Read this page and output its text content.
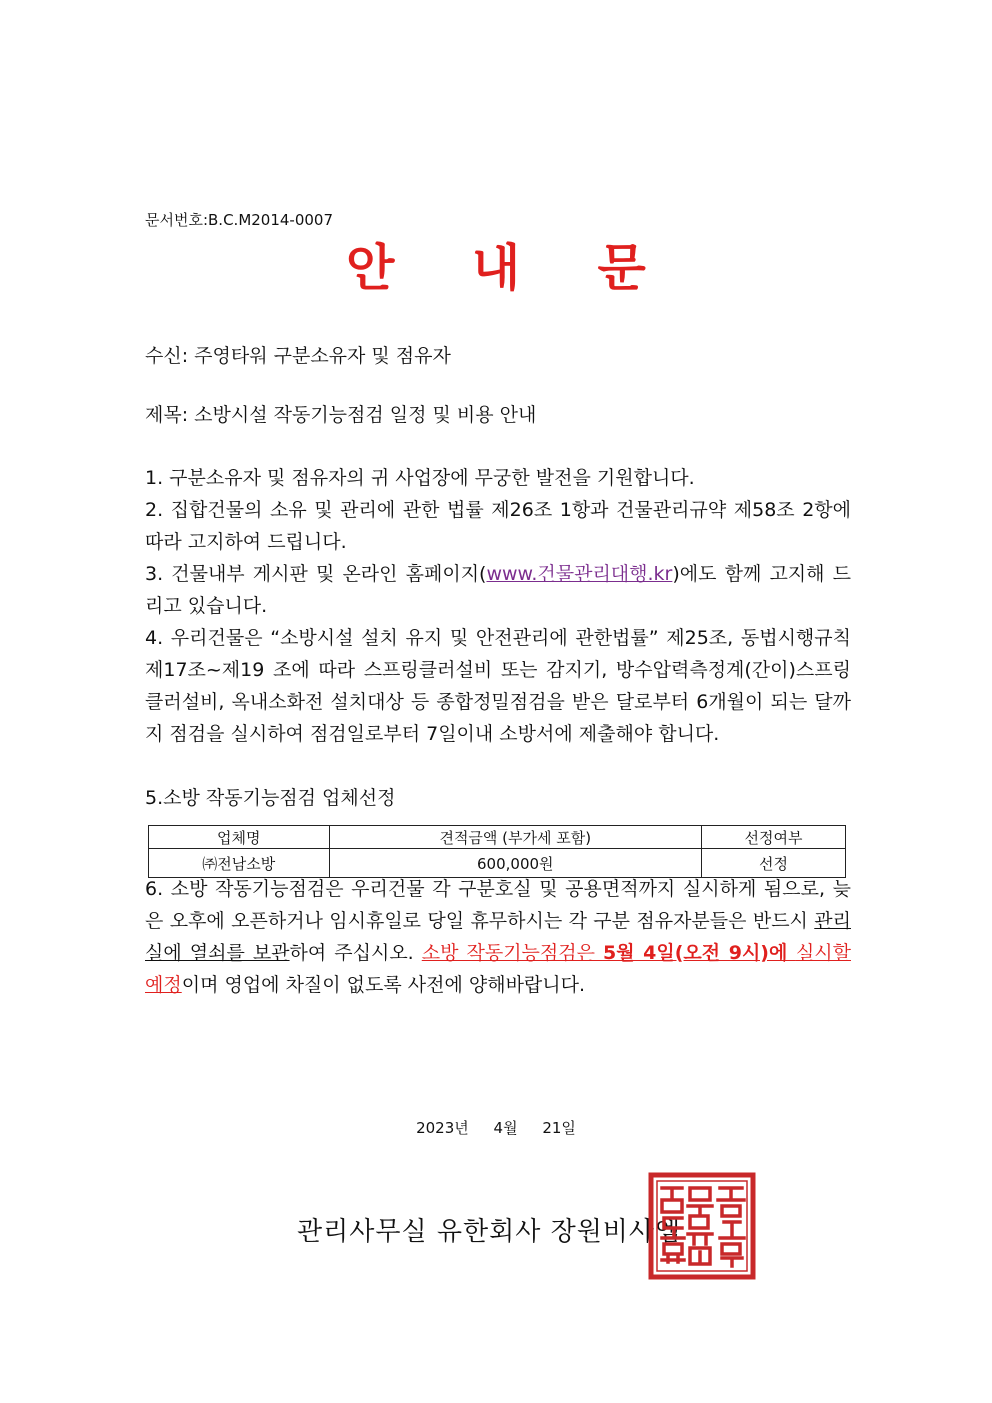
문서번호:B.C.M2014-0007
안 내 문
수신: 주영타워 구분소유자 및 점유자
제목: 소방시설 작동기능점검 일정 및 비용 안내
1. 구분소유자 및 점유자의 귀 사업장에 무궁한 발전을 기원합니다.
2. 집합건물의 소유 및 관리에 관한 법률 제26조 1항과 건물관리규약 제58조 2항에 따라 고지하여 드립니다.
3. 건물내부 게시판 및 온라인 홈페이지(www.건물관리대행.kr)에도 함께 고지해 드리고 있습니다.
4. 우리건물은 “소방시설 설치 유지 및 안전관리에 관한법률” 제25조, 동법시행규칙 제17조~제19 조에 따라 스프링클러설비 또는 감지기, 방수압력측정계(간이)스프링클러설비, 옥내소화전 설치대상 등 종합정밀점검을 받은 달로부터 6개월이 되는 달까지 점검을 실시하여 점검일로부터 7일이내 소방서에 제출해야 합니다.
5.소방 작동기능점검 업체선정
업체명	견적금액 (부가세 포함)	선정여부
㈜전남소방	600,000원	선정
6. 소방 작동기능점검은 우리건물 각 구분호실 및 공용면적까지 실시하게 됨으로, 늦은 오후에 오픈하거나 임시휴일로 당일 휴무하시는 각 구분 점유자분들은 반드시 관리실에 열쇠를 보관하여 주십시오. 소방 작동기능점검은 5월 4일(오전 9시)에 실시할 예정이며 영업에 차질이 없도록 사전에 양해바랍니다.
2023년 4월 21일
관리사무실 유한회사 장원비사엠
